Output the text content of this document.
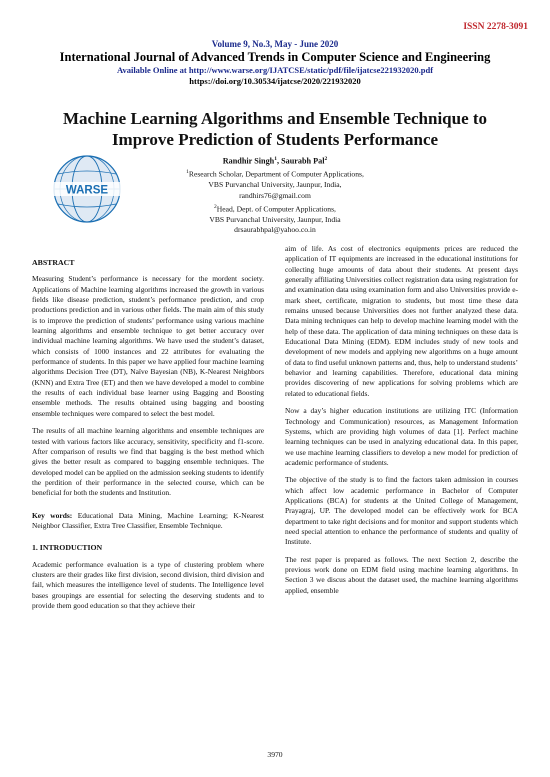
ISSN 2278-3091
Volume 9, No.3, May - June 2020
International Journal of Advanced Trends in Computer Science and Engineering
Available Online at http://www.warse.org/IJATCSE/static/pdf/file/ijatcse221932020.pdf
https://doi.org/10.30534/ijatcse/2020/221932020
Machine Learning Algorithms and Ensemble Technique to Improve Prediction of Students Performance
WARSE
Randhir Singh$^1$, Saurabh Pal$^2$
$^1$Research Scholar, Department of Computer Applications,
VBS Purvanchal University, Jaunpur, India,
randhirs76@gmail.com
$^2$Head, Dept. of Computer Applications,
VBS Purvanchal University, Jaunpur, India
drsaurabhpal@yahoo.co.in
ABSTRACT

Measuring Student’s performance is necessary for the mordent society. Applications of Machine learning algorithms increased the growth in various fields like disease prediction, student’s performance prediction, and crop productions prediction and in various other fields. The main aim of this study is to improve the prediction of students’ performance using various machine learning algorithms and ensemble technique to get better accuracy over individual machine learning algorithms. We have used the student’s dataset, which consists of 1000 instances and 22 attributes for evaluating the performance of students. In this paper we have applied four machine learning algorithms Decision Tree (DT), Naïve Bayesian (NB), K-Nearest Neighbors (KNN) and Extra Tree (ET) and then we have developed a model to combine the results of each individual base learner using Bagging and Boosting ensemble methods. The results obtained using bagging and boosting ensemble techniques were compared to select the best model.

The results of all machine learning algorithms and ensemble techniques are tested with various factors like accuracy, sensitivity, specificity and f1-score. After comparison of results we find that bagging is the best method which gives the better result as compared to bagging ensemble techniques. The developed model can be applied on the admission seeking students to identify the perdition of their performance in the selected course, which can be beneficial for both the students and Institution.

Key words: Educational Data Mining, Machine Learning; K-Nearest Neighbor Classifier, Extra Tree Classifier, Ensemble Technique.

1. INTRODUCTION

Academic performance evaluation is a type of clustering problem where clusters are their grades like first division, second division, third division and fail, which measures the intelligence level of students. The Intelligence level bases groupings are essential for selecting the deserving students and to provide them good education so that they achieve their

aim of life. As cost of electronics equipments prices are reduced the application of IT equipments are increased in the educational institutions for collecting huge amounts of data about their students. At present days generally affiliating Universities collect registration data using registration for and examination data using examination form and also Universities provide e-mark sheet, certificate, migration to students, but most time these data remains unused because Universities does not further analyzed these data. Data mining techniques can help to develop machine learning model with the help of these data. The application of data mining techniques on these data is Educational Data Mining (EDM). EDM includes study of new tools and development of new models and applying new algorithms on a huge amount of data to find useful unknown patterns and, thus, help to understand students’ behavior and learning capabilities. Therefore, educational data mining provides discovering of new applications for solving problems which are related to educational fields.

Now a day’s higher education institutions are utilizing ITC (Information Technology and Communication) resources, as Management Information Systems, which are providing high volumes of data [1]. Perfect machine learning techniques can be used in analyzing educational data. In this paper, we use machine learning classifiers to develop a new model for prediction of academic performance of students.

The objective of the study is to find the factors taken admission in courses which affect low academic performance in Bachelor of Computer Applications (BCA) for students at the United College of Management, Prayagraj, UP. The developed model can be effectively work for BCA department to take right decisions and for monitor and support students which need special attention to enhance the performance of students and quality of Institute.

The rest paper is prepared as follows. The next Section 2, describe the previous work done on EDM field using machine learning algorithms. In Section 3 we discus about the dataset used, the machine learning algorithms applied, ensemble

3970
